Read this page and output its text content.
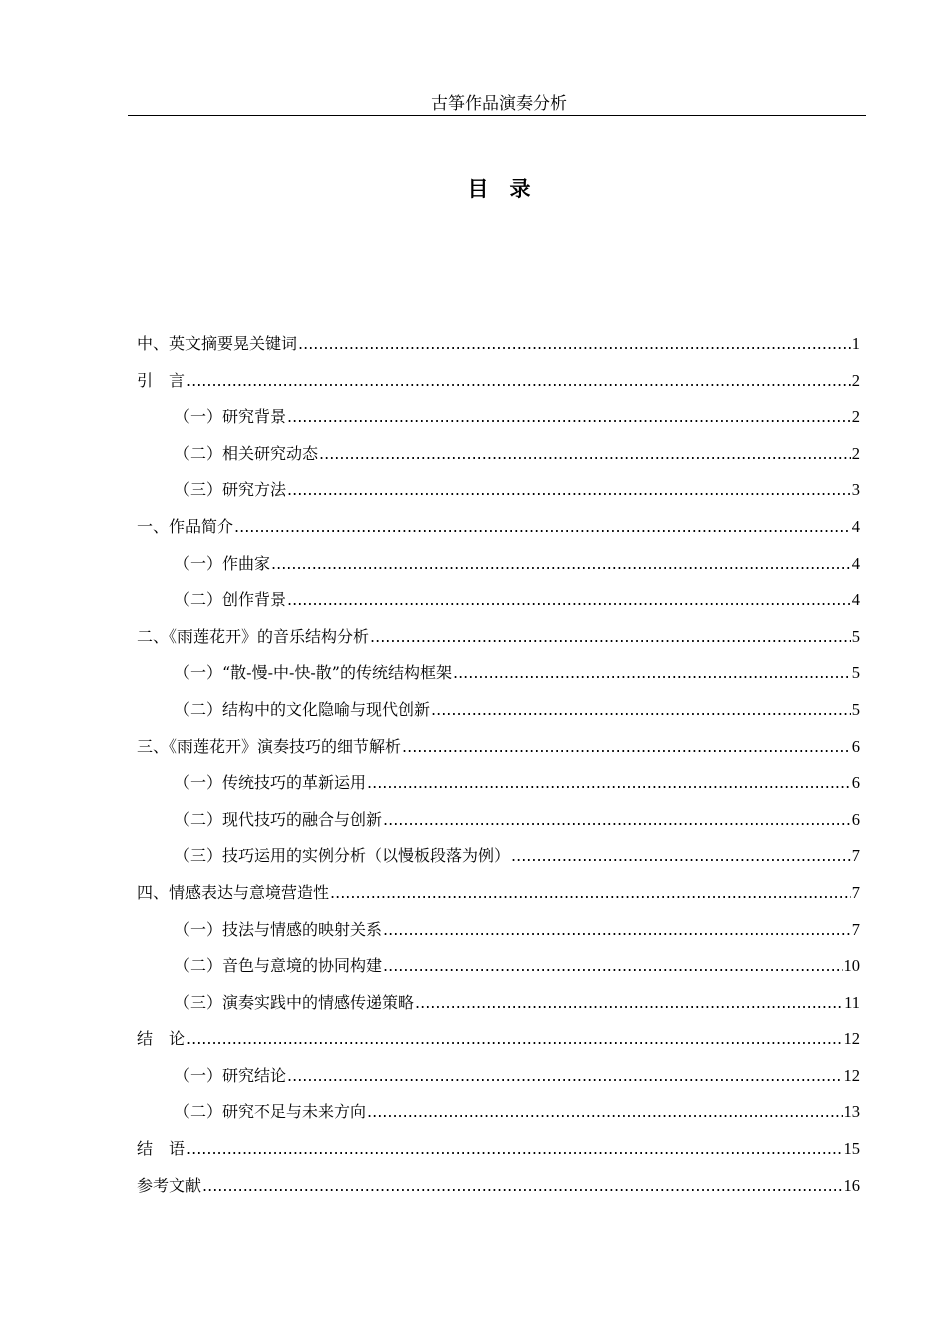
古筝作品演奏分析
目　录
中、英文摘要晃关键词 .....	1
引　言 .....	2
（一）研究背景 .....	2
（二）相关研究动态 .....	2
（三）研究方法 .....	3
一、作品简介 .....	4
（一）作曲家 .....	4
（二）创作背景 .....	4
二、《雨莲花开》的音乐结构分析 .....	5
（一）“散-慢-中-快-散”的传统结构框架 .....	5
（二）结构中的文化隐喻与现代创新 .....	5
三、《雨莲花开》演奏技巧的细节解析 .....	6
（一）传统技巧的革新运用 .....	6
（二）现代技巧的融合与创新 .....	6
（三）技巧运用的实例分析（以慢板段落为例） .....	7
四、情感表达与意境营造性 .....	7
（一）技法与情感的映射关系 .....	7
（二）音色与意境的协同构建 .....	10
（三）演奏实践中的情感传递策略 .....	11
结　论 .....	12
（一）研究结论 .....	12
（二）研究不足与未来方向 .....	13
结　语 .....	15
参考文献 .....	16
